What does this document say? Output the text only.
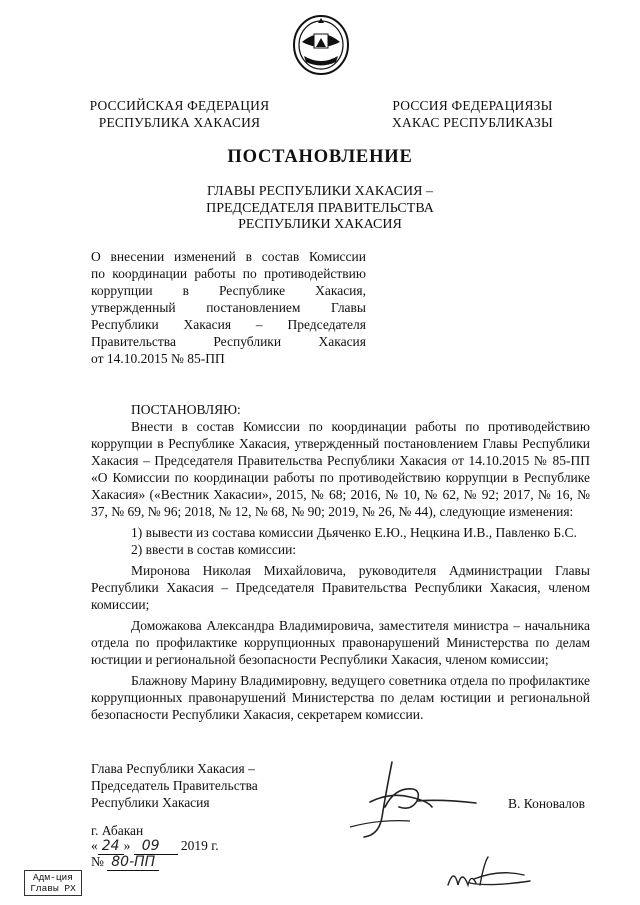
РОССИЙСКАЯ ФЕДЕРАЦИЯ
РЕСПУБЛИКА ХАКАСИЯ
РОССИЯ ФЕДЕРАЦИЯЗЫ
ХАКАС РЕСПУБЛИКАЗЫ
ПОСТАНОВЛЕНИЕ
ГЛАВЫ РЕСПУБЛИКИ ХАКАСИЯ –
ПРЕДСЕДАТЕЛЯ ПРАВИТЕЛЬСТВА
РЕСПУБЛИКИ ХАКАСИЯ
О внесении изменений в состав Комиссии
по координации работы по противодействию
коррупции в Республике Хакасия,
утвержденный постановлением Главы
Республики Хакасия – Председателя
Правительства Республики Хакасия
от 14.10.2015 № 85-ПП

ПОСТАНОВЛЯЮ:

Внести в состав Комиссии по координации работы по противодействию коррупции в Республике Хакасия, утвержденный постановлением Главы Республики Хакасия – Председателя Правительства Республики Хакасия от 14.10.2015 № 85-ПП «О Комиссии по координации работы по противодействию коррупции в Республике Хакасия» («Вестник Хакасии», 2015, № 68; 2016, № 10, № 62, № 92; 2017, № 16, № 37, № 69, № 96; 2018, № 12, № 68, № 90; 2019, № 26, № 44), следующие изменения:

1) вывести из состава комиссии Дьяченко Е.Ю., Нецкина И.В., Павленко Б.С.

2) ввести в состав комиссии:

Миронова Николая Михайловича, руководителя Администрации Главы Республики Хакасия – Председателя Правительства Республики Хакасия, членом комиссии;

Доможакова Александра Владимировича, заместителя министра – начальника отдела по профилактике коррупционных правонарушений Министерства по делам юстиции и региональной безопасности Республики Хакасия, членом комиссии;

Блажнову Марину Владимировну, ведущего советника отдела по профилактике коррупционных правонарушений Министерства по делам юстиции и региональной безопасности Республики Хакасия, секретарем комиссии.

Глава Республики Хакасия –
Председатель Правительства
Республики Хакасия	В. Коновалов
г. Абакан
« 24 » 09 2019 г.
№ 80-ПП
Адм-ция
Главы РХ
